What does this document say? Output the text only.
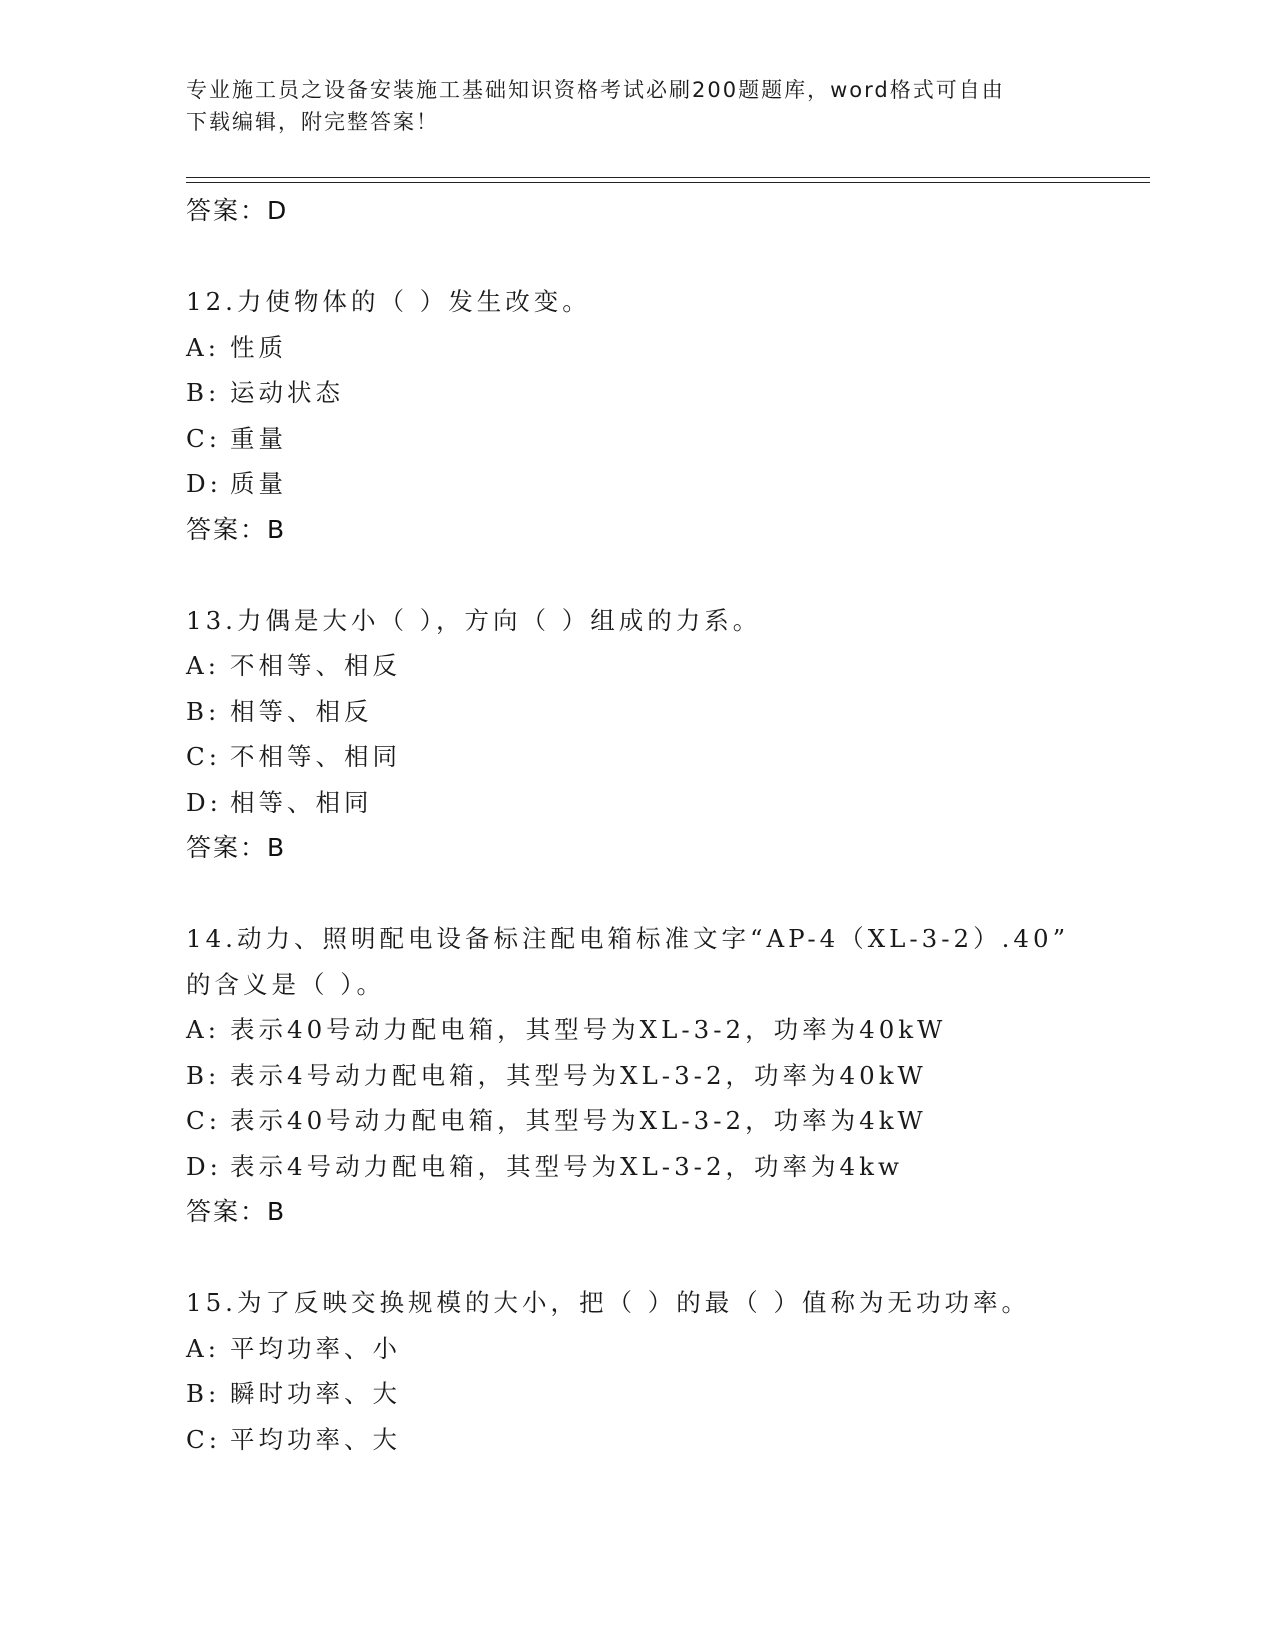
专业施工员之设备安装施工基础知识资格考试必刷200题题库，word格式可自由
下载编辑，附完整答案！
答案：D
12.力使物体的（ ）发生改变。
A: 性质
B: 运动状态
C: 重量
D: 质量
答案：B
13.力偶是大小（ ），方向（ ）组成的力系。
A: 不相等、相反
B: 相等、相反
C: 不相等、相同
D: 相等、相同
答案：B
14.动力、照明配电设备标注配电箱标准文字“AP-4（XL-3-2）.40”
的含义是（ ）。
A: 表示40号动力配电箱，其型号为XL-3-2，功率为40kW
B: 表示4号动力配电箱，其型号为XL-3-2，功率为40kW
C: 表示40号动力配电箱，其型号为XL-3-2，功率为4kW
D: 表示4号动力配电箱，其型号为XL-3-2，功率为4kw
答案：B
15.为了反映交换规模的大小，把（ ）的最（ ）值称为无功功率。
A: 平均功率、小
B: 瞬时功率、大
C: 平均功率、大
